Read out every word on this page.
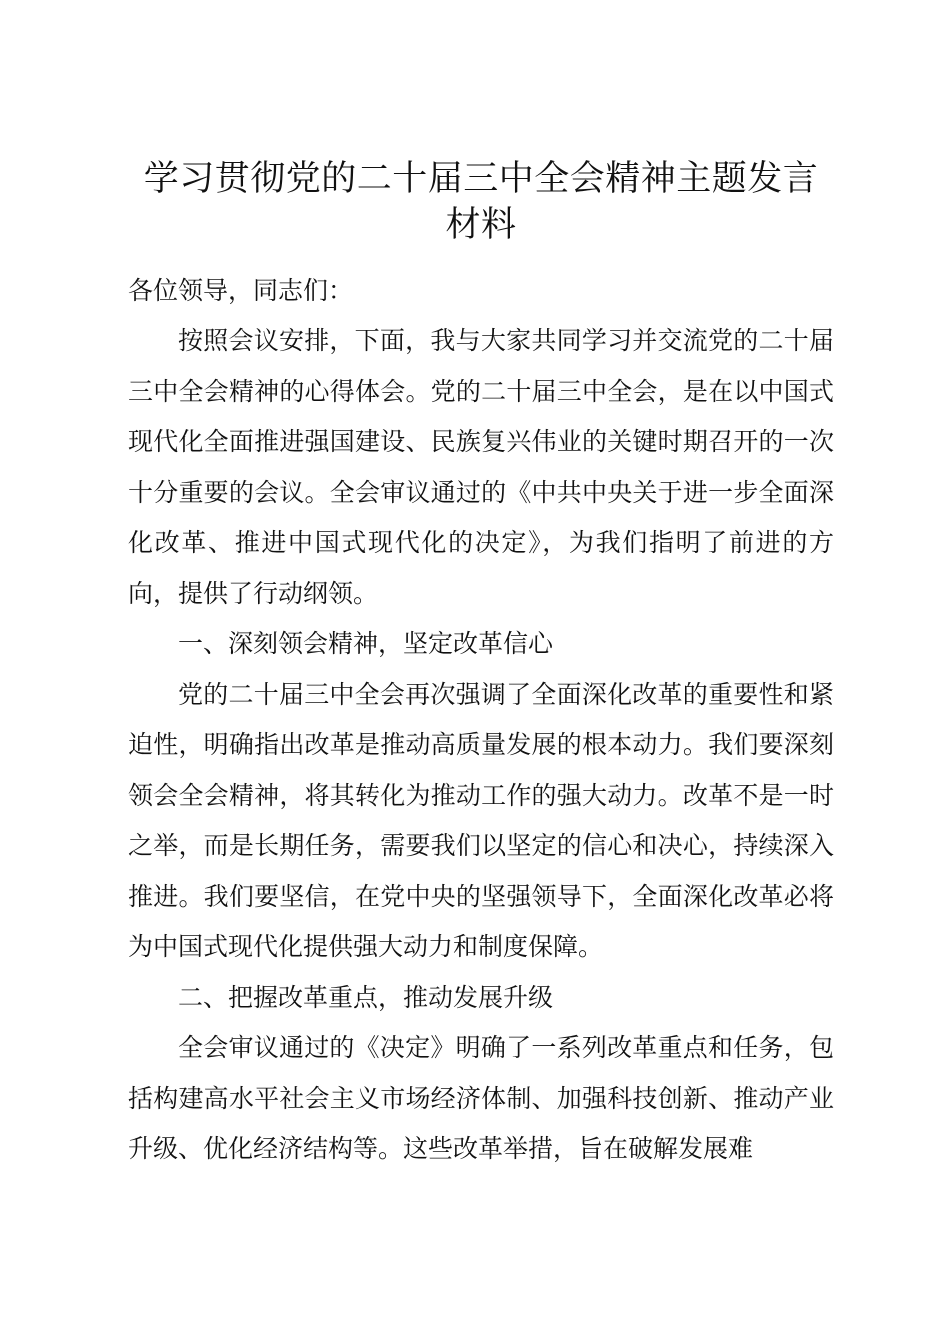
学习贯彻党的二十届三中全会精神主题发言材料

各位领导，同志们：

按照会议安排，下面，我与大家共同学习并交流党的二十届三中全会精神的心得体会。党的二十届三中全会，是在以中国式现代化全面推进强国建设、民族复兴伟业的关键时期召开的一次十分重要的会议。全会审议通过的《中共中央关于进一步全面深化改革、推进中国式现代化的决定》，为我们指明了前进的方向，提供了行动纲领。

一、深刻领会精神，坚定改革信心

党的二十届三中全会再次强调了全面深化改革的重要性和紧迫性，明确指出改革是推动高质量发展的根本动力。我们要深刻领会全会精神，将其转化为推动工作的强大动力。改革不是一时之举，而是长期任务，需要我们以坚定的信心和决心，持续深入推进。我们要坚信，在党中央的坚强领导下，全面深化改革必将为中国式现代化提供强大动力和制度保障。

二、把握改革重点，推动发展升级

全会审议通过的《决定》明确了一系列改革重点和任务，包括构建高水平社会主义市场经济体制、加强科技创新、推动产业升级、优化经济结构等。这些改革举措，旨在破解发展难
